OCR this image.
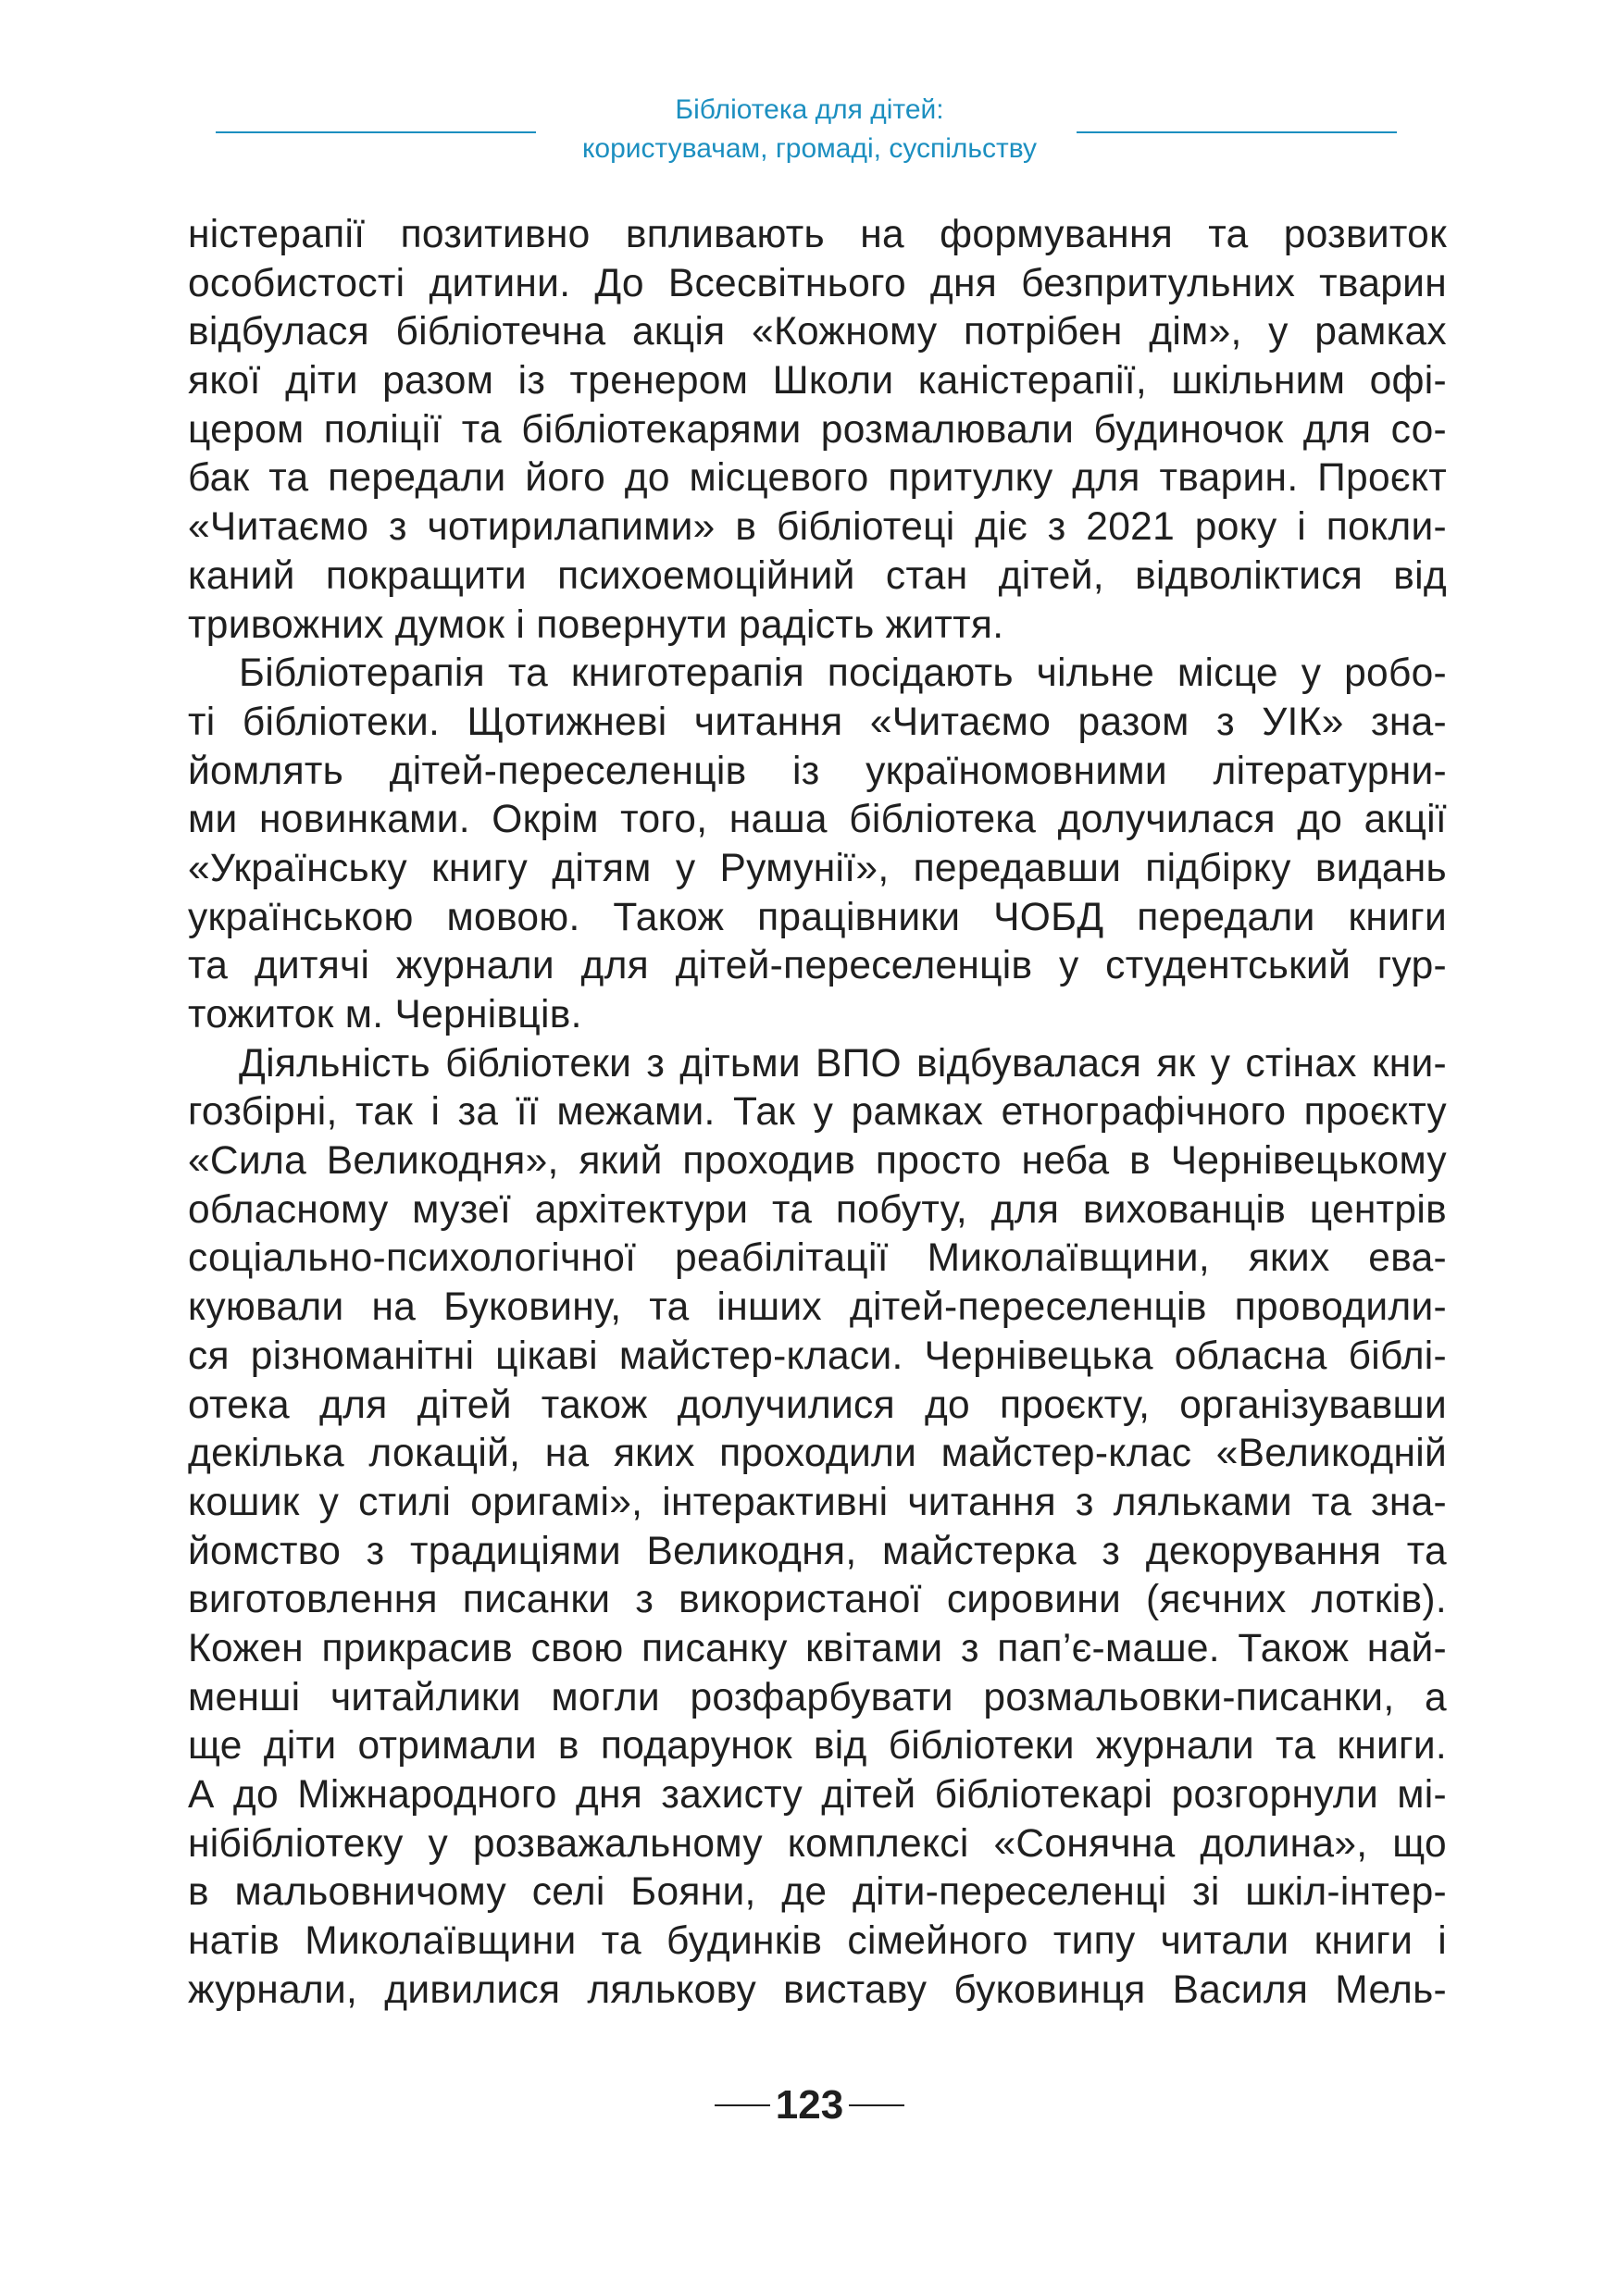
Бібліотека для дітей:
користувачам, громаді, суспільству
ністерапії позитивно впливають на формування та розвиток
особистості дитини. До Всесвітнього дня безпритульних тварин
відбулася бібліотечна акція «Кожному потрібен дім», у рамках
якої діти разом із тренером Школи каністерапії, шкільним офі-
цером поліції та бібліотекарями розмалювали будиночок для со-
бак та передали його до місцевого притулку для тварин. Проєкт
«Читаємо з чотирилапими» в бібліотеці діє з 2021 року і покли-
каний покращити психоемоційний стан дітей, відволіктися від
тривожних думок і повернути радість життя.
Бібліотерапія та книготерапія посідають чільне місце у робо-
ті бібліотеки. Щотижневі читання «Читаємо разом з УІК» зна-
йомлять дітей-переселенців із україномовними літературни-
ми новинками. Окрім того, наша бібліотека долучилася до акції
«Українську книгу дітям у Румунії», передавши підбірку видань
українською мовою. Також працівники ЧОБД передали книги
та дитячі журнали для дітей-переселенців у студентський гур-
тожиток м. Чернівців.
Діяльність бібліотеки з дітьми ВПО відбувалася як у стінах кни-
гозбірні, так і за її межами. Так у рамках етнографічного проєкту
«Сила Великодня», який проходив просто неба в Чернівецькому
обласному музеї архітектури та побуту, для вихованців центрів
соціально-психологічної реабілітації Миколаївщини, яких ева-
куювали на Буковину, та інших дітей-переселенців проводили-
ся різноманітні цікаві майстер-класи. Чернівецька обласна біблі-
отека для дітей також долучилися до проєкту, організувавши
декілька локацій, на яких проходили майстер-клас «Великодній
кошик у стилі оригамі», інтерактивні читання з ляльками та зна-
йомство з традиціями Великодня, майстерка з декорування та
виготовлення писанки з використаної сировини (яєчних лотків).
Кожен прикрасив свою писанку квітами з пап’є-маше. Також най-
менші читайлики могли розфарбувати розмальовки-писанки, а
ще діти отримали в подарунок від бібліотеки журнали та книги.
А до Міжнародного дня захисту дітей бібліотекарі розгорнули мі-
нібібліотеку у розважальному комплексі «Сонячна долина», що
в мальовничому селі Бояни, де діти-переселенці зі шкіл-інтер-
натів Миколаївщини та будинків сімейного типу читали книги і
журнали, дивилися лялькову виставу буковинця Василя Мель-
123
